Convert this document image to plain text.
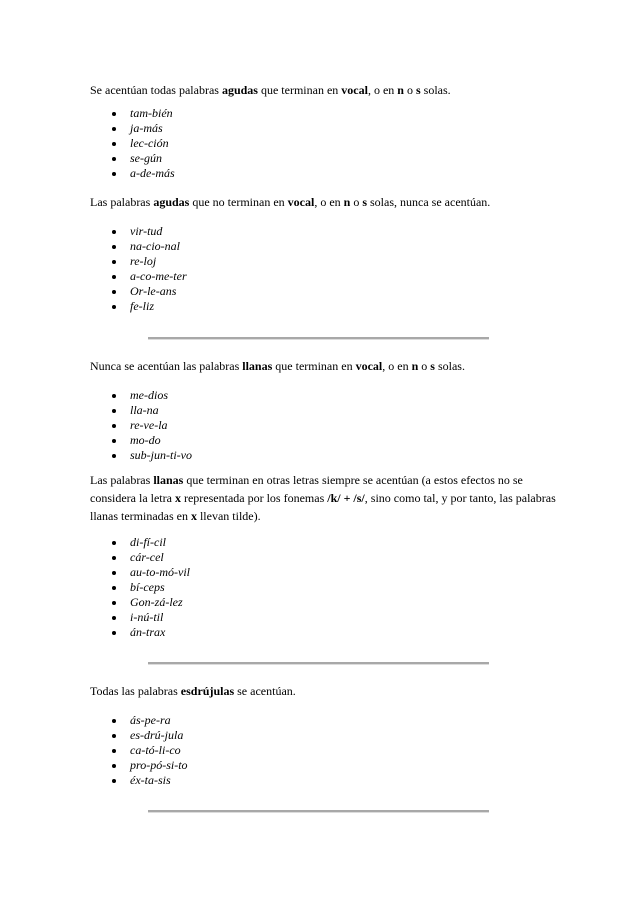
Se acentúan todas palabras agudas que terminan en vocal, o en n o s solas.

tam-bién
ja-más
lec-ción
se-gún
a-de-más

Las palabras agudas que no terminan en vocal, o en n o s solas, nunca se acentúan.

vir-tud
na-cio-nal
re-loj
a-co-me-ter
Or-le-ans
fe-liz

Nunca se acentúan las palabras llanas que terminan en vocal, o en n o s solas.

me-dios
lla-na
re-ve-la
mo-do
sub-jun-ti-vo

Las palabras llanas que terminan en otras letras siempre se acentúan (a estos efectos no se considera la letra x representada por los fonemas /k/ + /s/, sino como tal, y por tanto, las palabras llanas terminadas en x llevan tilde).

di-fí-cil
cár-cel
au-to-mó-vil
bí-ceps
Gon-zá-lez
i-nú-til
án-trax

Todas las palabras esdrújulas se acentúan.

ás-pe-ra
es-drú-jula
ca-tó-li-co
pro-pó-si-to
éx-ta-sis
